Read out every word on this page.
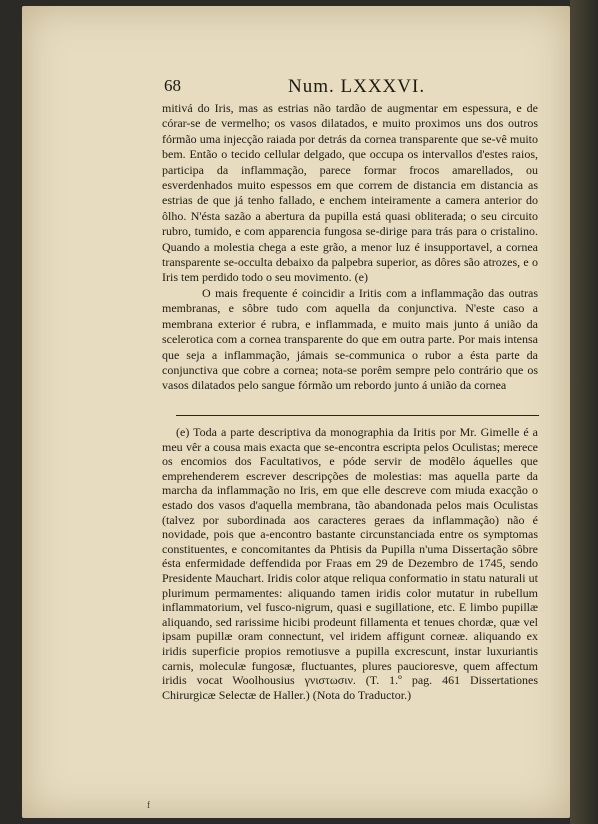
68	Num. LXXXVI.

mitivá do Iris, mas as estrias não tardão de augmentar em espessura, e de córar-se de vermelho; os vasos dilatados, e muito proximos uns dos outros fórmão uma injecção raiada por detrás da cornea transparente que se-vê muito bem. Então o tecido cellular delgado, que occupa os intervallos d'estes raios, participa da inflammação, parece formar frocos amarellados, ou esverdenhados muito espessos em que correm de distancia em distancia as estrias de que já tenho fallado, e enchem inteiramente a camera anterior do ôlho. N'ésta sazão a abertura da pupilla está quasi obliterada; o seu circuito rubro, tumido, e com apparencia fungosa se-dirige para trás para o cristalino. Quando a molestia chega a este grão, a menor luz é insupportavel, a cornea transparente se-occulta debaixo da palpebra superior, as dôres são atrozes, e o Iris tem perdido todo o seu movimento. (e)

O mais frequente é coincidir a Iritis com a inflammação das outras membranas, e sôbre tudo com aquella da conjunctiva. N'este caso a membrana exterior é rubra, e inflammada, e muito mais junto á união da scelerotica com a cornea transparente do que em outra parte. Por mais intensa que seja a inflammação, jámais se-communica o rubor a ésta parte da conjunctiva que cobre a cornea; nota-se porêm sempre pelo contrário que os vasos dilatados pelo sangue fórmão um rebordo junto á união da cornea

(e) Toda a parte descriptiva da monographia da Iritis por Mr. Gimelle é a meu vêr a cousa mais exacta que se-encontra escripta pelos Oculistas; merece os encomios dos Facultativos, e póde servir de modêlo áquelles que emprehenderem escrever descripções de molestias: mas aquella parte da marcha da inflammação no Iris, em que elle descreve com miuda exacção o estado dos vasos d'aquella membrana, tão abandonada pelos mais Oculistas (talvez por subordinada aos caracteres geraes da inflammação) não é novidade, pois que a-encontro bastante circunstanciada entre os symptomas constituentes, e concomitantes da Phtisis da Pupilla n'uma Dissertação sôbre ésta enfermidade deffendida por Fraas em 29 de Dezembro de 1745, sendo Presidente Mauchart. Iridis color atque reliqua conformatio in statu naturali ut plurimum permamentes: aliquando tamen iridis color mutatur in rubellum inflammatorium, vel fusco-nigrum, quasi e sugillatione, etc. E limbo pupillæ aliquando, sed rarissime hicibi prodeunt fillamenta et tenues chordæ, quæ vel ipsam pupillæ oram connectunt, vel iridem affigunt corneæ. aliquando ex iridis superficie propios remotiusve a pupilla excrescunt, instar luxuriantis carnis, moleculæ fungosæ, fluctuantes, plures paucioresve, quem affectum iridis vocat Woolhousius γνιστωσιν. (T. 1.º pag. 461 Dissertationes Chirurgicæ Selectæ de Haller.) (Nota do Traductor.)

f
